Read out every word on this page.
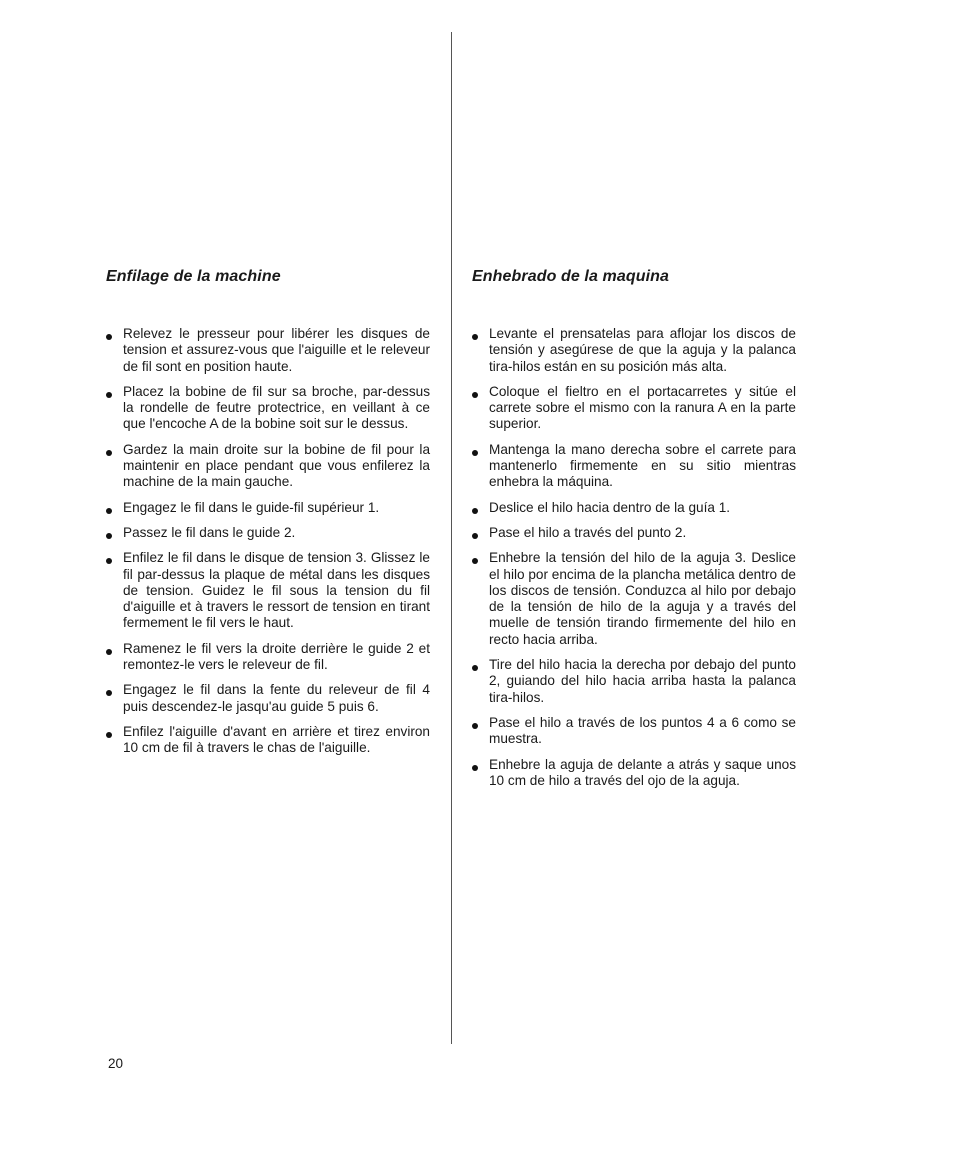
Enfilage de la machine
Relevez le presseur pour libérer les disques de tension et assurez-vous que l'aiguille et le releveur de fil sont en position haute.
Placez la bobine de fil sur sa broche, par-dessus la rondelle de feutre protectrice, en veillant à ce que l'encoche A de la bobine soit sur le dessus.
Gardez la main droite sur la bobine de fil pour la maintenir en place pendant que vous enfilerez la machine de la main gauche.
Engagez le fil dans le guide-fil supérieur 1.
Passez le fil dans le guide 2.
Enfilez le fil dans le disque de tension 3. Glissez le fil par-dessus la plaque de métal dans les disques de tension. Guidez le fil sous la tension du fil d'aiguille et à travers le ressort de tension en tirant fermement le fil vers le haut.
Ramenez le fil vers la droite derrière le guide 2 et remontez-le vers le releveur de fil.
Engagez le fil dans la fente du releveur de fil 4 puis descendez-le jasqu'au guide 5 puis 6.
Enfilez l'aiguille d'avant en arrière et tirez environ 10 cm de fil à travers le chas de l'aiguille.
Enhebrado de la maquina
Levante el prensatelas para aflojar los discos de tensión y asegúrese de que la aguja y la palanca tira-hilos están en su posición más alta.
Coloque el fieltro en el portacarretes y sitúe el carrete sobre el mismo con la ranura A en la parte superior.
Mantenga la mano derecha sobre el carrete para mantenerlo firmemente en su sitio mientras enhebra la máquina.
Deslice el hilo hacia dentro de la guía 1.
Pase el hilo a través del punto 2.
Enhebre la tensión del hilo de la aguja 3. Deslice el hilo por encima de la plancha metálica dentro de los discos de tensión. Conduzca al hilo por debajo de la tensión de hilo de la aguja y a través del muelle de tensión tirando firmemente del hilo en recto hacia arriba.
Tire del hilo hacia la derecha por debajo del punto 2, guiando del hilo hacia arriba hasta la palanca tira-hilos.
Pase el hilo a través de los puntos 4 a 6 como se muestra.
Enhebre la aguja de delante a atrás y saque unos 10 cm de hilo a través del ojo de la aguja.
20
